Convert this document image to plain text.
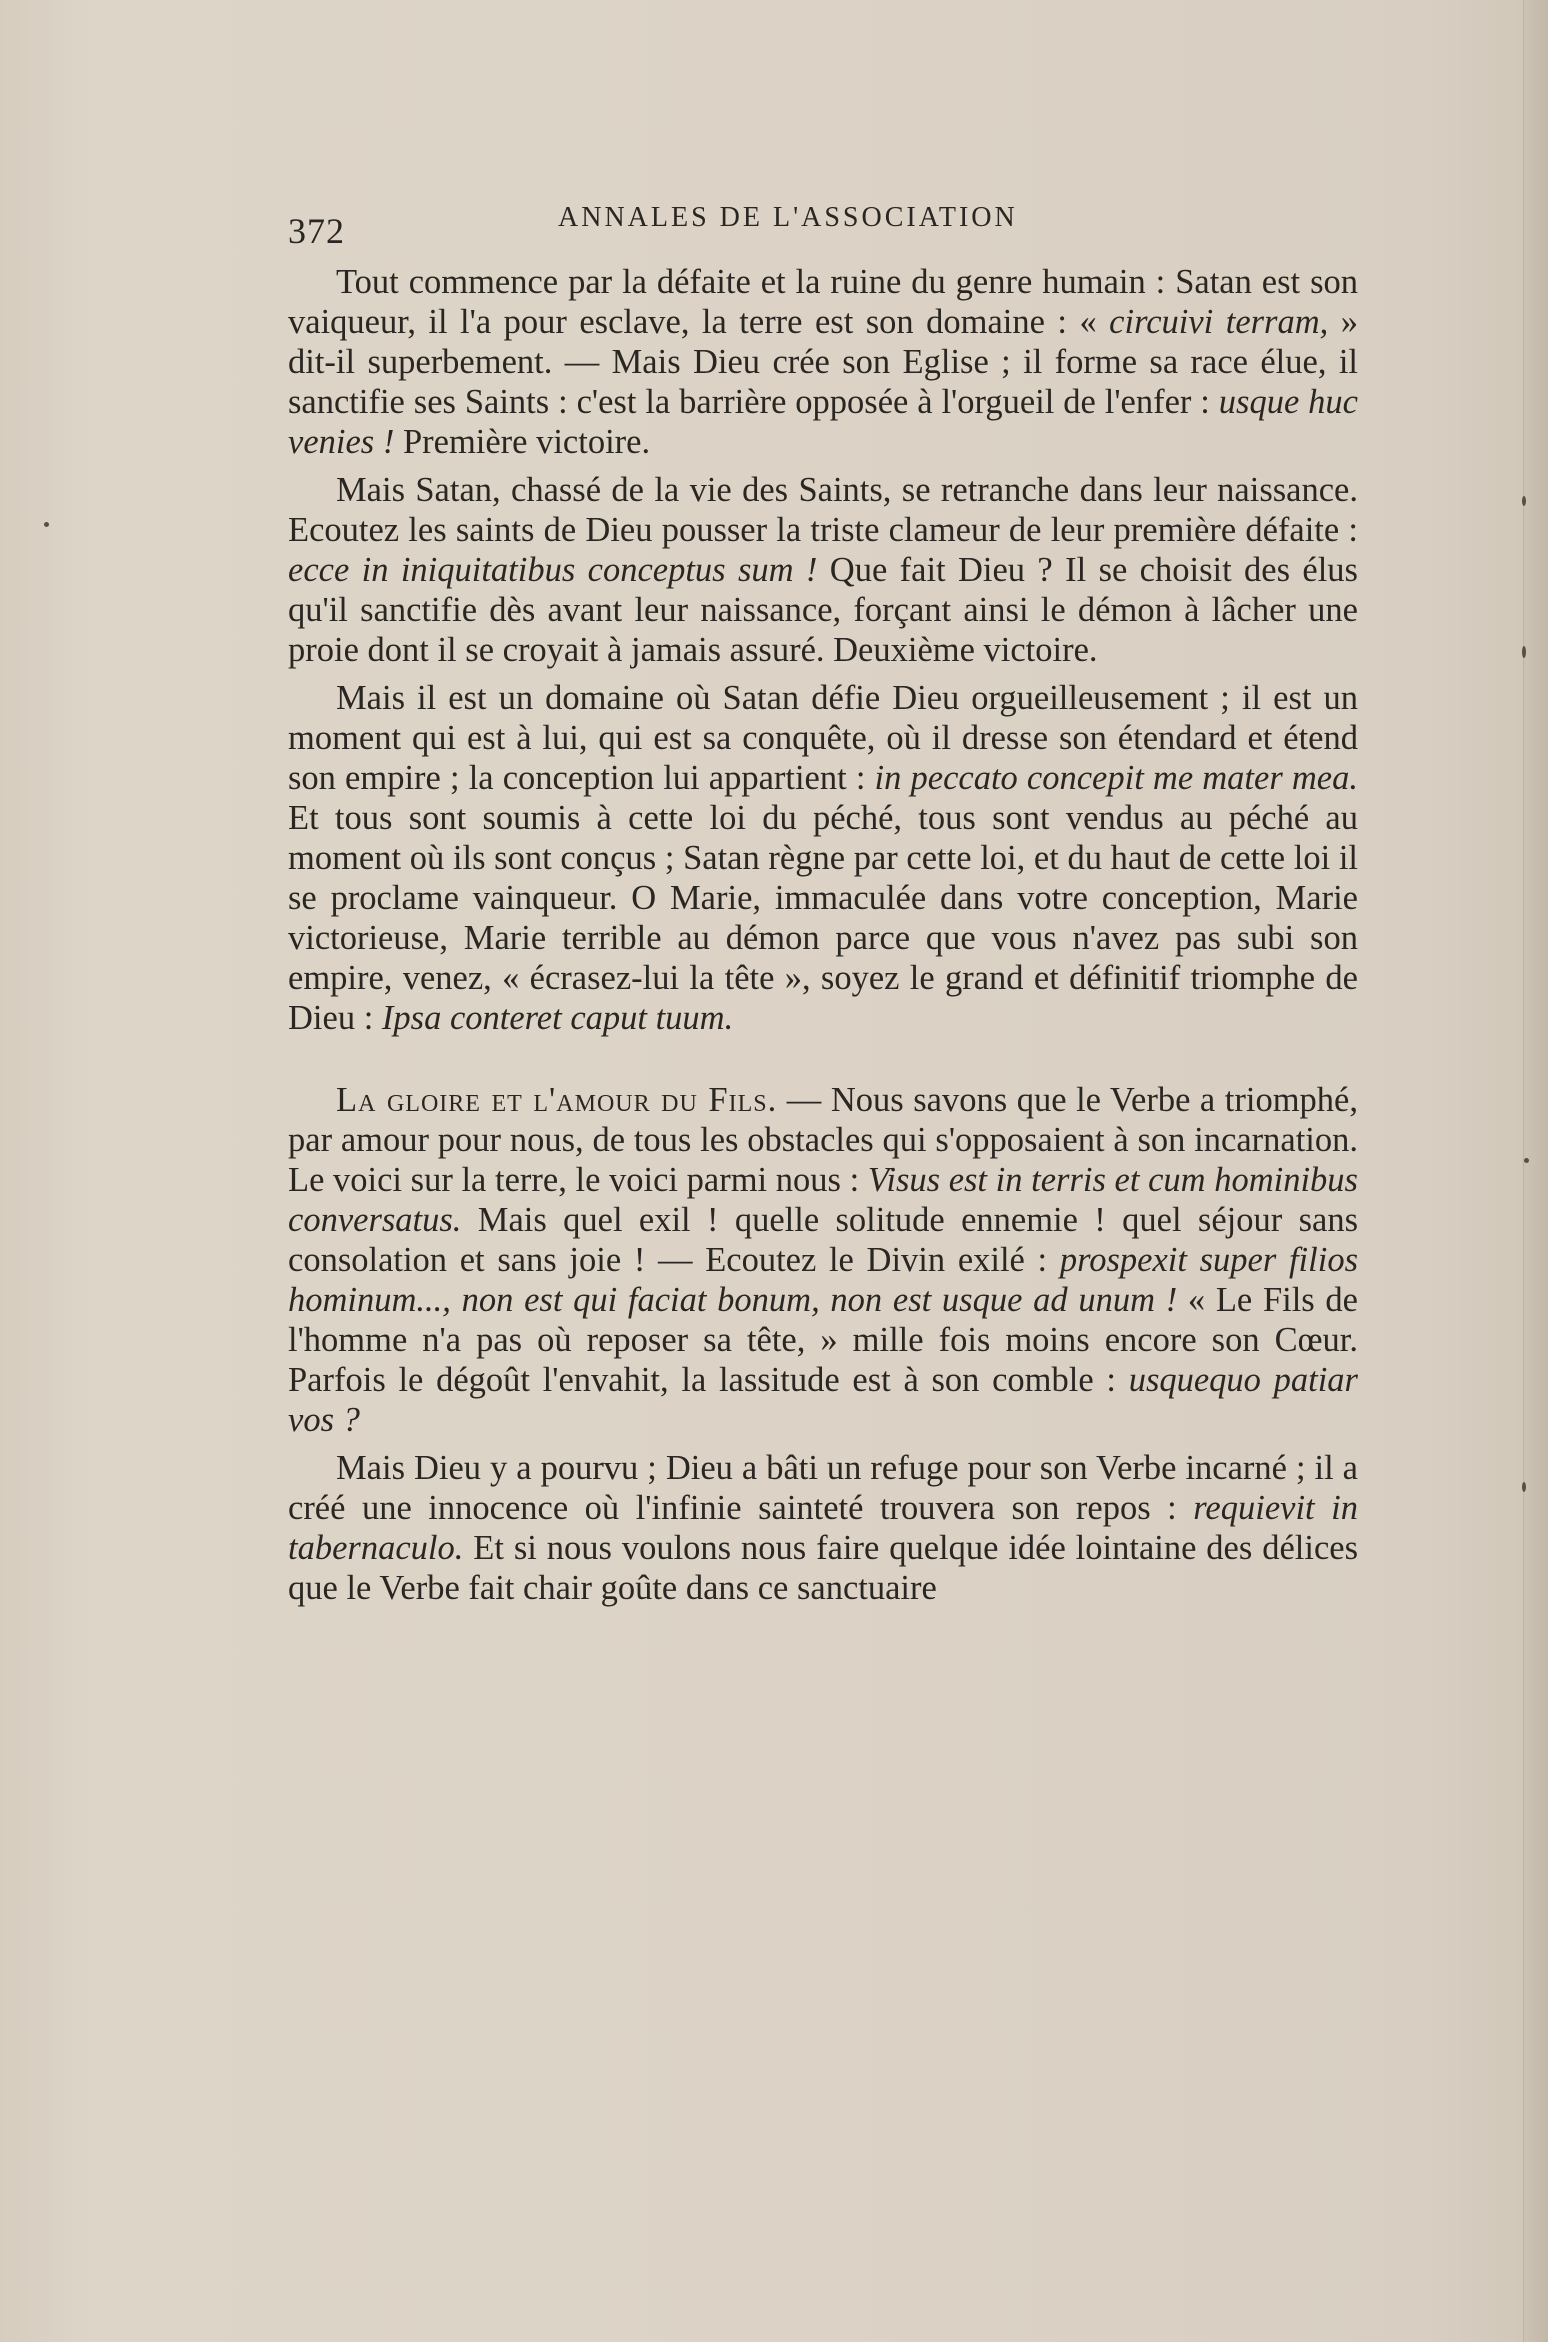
372	ANNALES DE L'ASSOCIATION

Tout commence par la défaite et la ruine du genre humain : Satan est son vaiqueur, il l'a pour esclave, la terre est son domaine : « circuivi terram, » dit-il superbement. — Mais Dieu crée son Eglise ; il forme sa race élue, il sanctifie ses Saints : c'est la barrière opposée à l'orgueil de l'enfer : usque huc venies ! Première victoire.

Mais Satan, chassé de la vie des Saints, se retranche dans leur naissance. Ecoutez les saints de Dieu pousser la triste clameur de leur première défaite : ecce in iniquitatibus conceptus sum ! Que fait Dieu ? Il se choisit des élus qu'il sanctifie dès avant leur naissance, forçant ainsi le démon à lâcher une proie dont il se croyait à jamais assuré. Deuxième victoire.

Mais il est un domaine où Satan défie Dieu orgueilleusement ; il est un moment qui est à lui, qui est sa conquête, où il dresse son étendard et étend son empire ; la conception lui appartient : in peccato concepit me mater mea. Et tous sont soumis à cette loi du péché, tous sont vendus au péché au moment où ils sont conçus ; Satan règne par cette loi, et du haut de cette loi il se proclame vainqueur. O Marie, immaculée dans votre conception, Marie victorieuse, Marie terrible au démon parce que vous n'avez pas subi son empire, venez, « écrasez-lui la tête », soyez le grand et définitif triomphe de Dieu : Ipsa conteret caput tuum.

La gloire et l'amour du Fils. — Nous savons que le Verbe a triomphé, par amour pour nous, de tous les obstacles qui s'opposaient à son incarnation. Le voici sur la terre, le voici parmi nous : Visus est in terris et cum hominibus conversatus. Mais quel exil ! quelle solitude ennemie ! quel séjour sans consolation et sans joie ! — Ecoutez le Divin exilé : prospexit super filios hominum..., non est qui faciat bonum, non est usque ad unum ! « Le Fils de l'homme n'a pas où reposer sa tête, » mille fois moins encore son Cœur. Parfois le dégoût l'envahit, la lassitude est à son comble : usquequo patiar vos ?

Mais Dieu y a pourvu ; Dieu a bâti un refuge pour son Verbe incarné ; il a créé une innocence où l'infinie sainteté trouvera son repos : requievit in tabernaculo. Et si nous voulons nous faire quelque idée lointaine des délices que le Verbe fait chair goûte dans ce sanctuaire
